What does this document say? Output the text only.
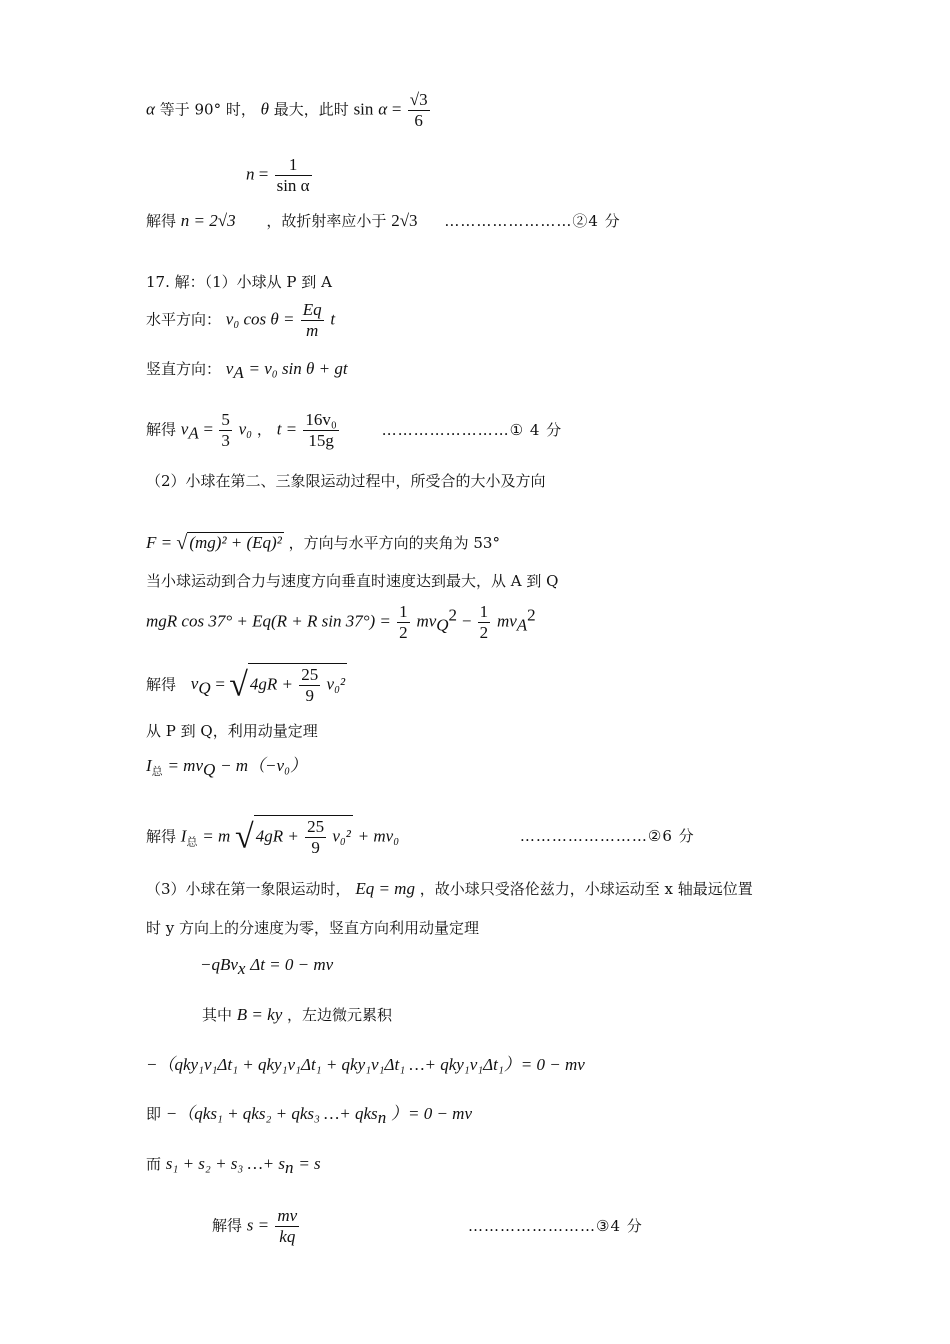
α 等于 90° 时， θ 最大，此时 $\sin \alpha = \frac{√3}{6}$
$n = \frac{1}{\text{sin α}}$
解得 n = 2√3 ，故折射率应小于 2√3 ……………………②4 分
17. 解：（1）小球从 P 到 A
水平方向： v₀ $\cos \theta = \frac{Eq}{m}$ t
竖直方向： $v_A = v_0$ sin θ + gt
解得 $v_A = \frac{5}{3} v_0$ ， $t = \frac{\text{16v₀}}{15g}$	……………………① 4 分
（2）小球在第二、三象限运动过程中，所受合的大小及方向
F = √ (mg)² + (Eq)² ，方向与水平方向的夹角为 53°
当小球运动到合力与速度方向垂直时速度达到最大，从 A 到 Q
mgR cos 37° + Eq(R + R $\sin 37^\circ) = \frac{1}{2} mv_Q^2 - \frac{1}{2} mv_A^2$
解得 $v_Q$ = √ $4gR + \frac{25}{9} v_0^2$
从 P 到 Q，利用动量定理
$I_总 = mv_Q - m(-v_0)$
解得 $I_总 = m$ √ $4gR + \frac{25}{9} v_0^2 + mv_0$	……………………②6 分
（3）小球在第一象限运动时， Eq = mg ，故小球只受洛伦兹力，小球运动至 x 轴最远位置
时 y 方向上的分速度为零，竖直方向利用动量定理
−qBv$_x$ Δt = 0 − mv
其中 B = ky ，左边微元累积
−（qky₁v₁Δt₁ + qky₁v₁Δt₁ + qky₁v₁Δt₁ …+ qky₁v₁Δt₁）= 0 − mv
即 −（qks₁ + qks₂ + qks₃ …+ qks$_n$ ）= 0 − mv
而 s₁ + s₂ + s₃ …+ $s_n = s$
解得 $s = \frac{mv}{kq}$	……………………③4 分
